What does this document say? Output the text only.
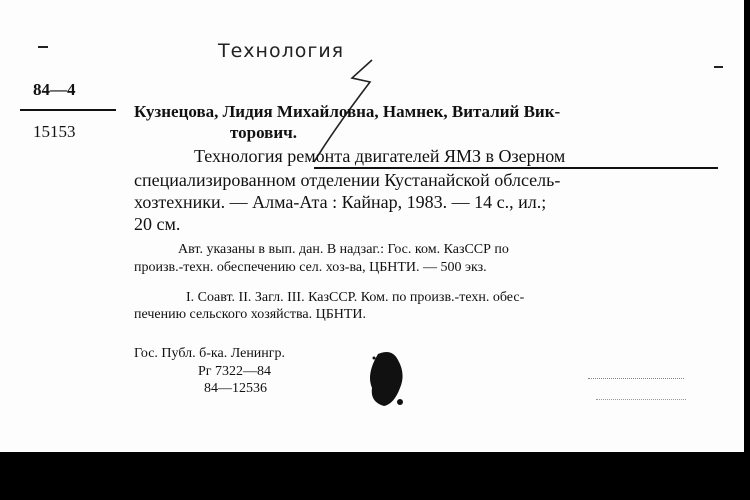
Технология
84—4
15153
Кузнецова, Лидия Михайловна, Намнек, Виталий Вик-
торович.
Технология ремонта двигателей ЯМЗ в Озерном
специализированном отделении Кустанайской облсель-
хозтехники. — Алма-Ата : Кайнар, 1983. — 14 с., ил.;
20 см.
Авт. указаны в вып. дан. В надзаг.: Гос. ком. КазССР по
произв.-техн. обеспечению сел. хоз-ва, ЦБНТИ. — 500 экз.
I. Соавт. II. Загл. III. КазССР. Ком. по произв.-техн. обес-
печению сельского хозяйства. ЦБНТИ.
Гос. Публ. б-ка. Ленингр.
Рг 7322—84
84—12536
